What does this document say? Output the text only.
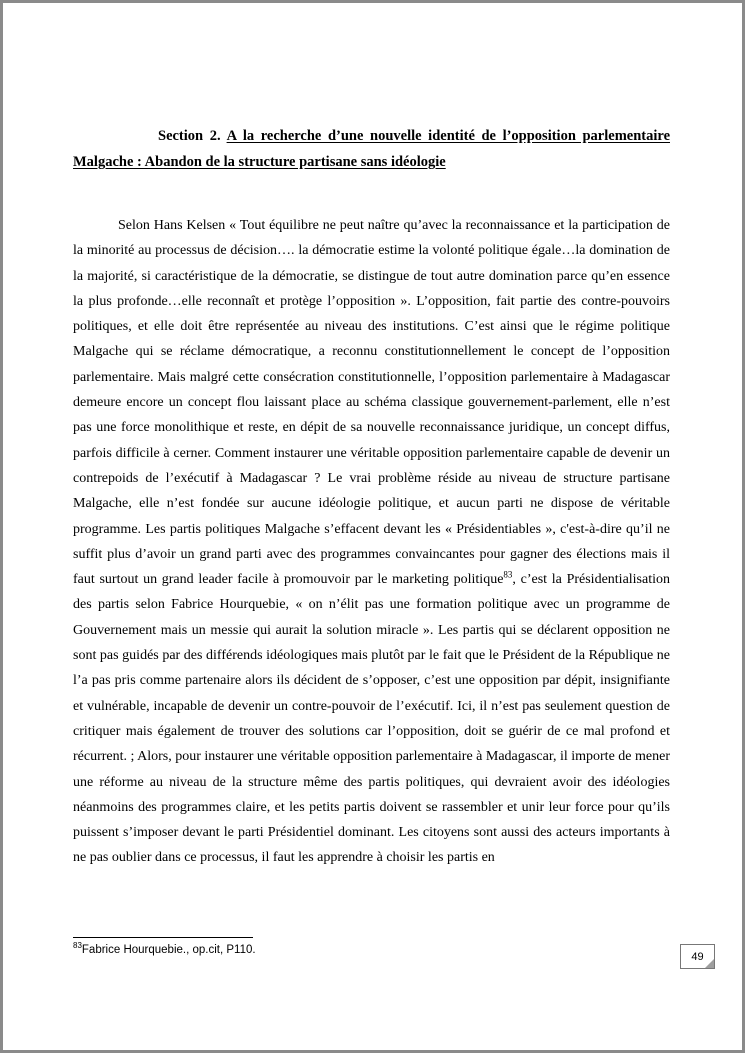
Section 2. A la recherche d’une nouvelle identité de l’opposition parlementaire Malgache : Abandon de la structure partisane sans idéologie

Selon Hans Kelsen « Tout équilibre ne peut naître qu’avec la reconnaissance et la participation de la minorité au processus de décision…. la démocratie estime la volonté politique égale…la domination de la majorité, si caractéristique de la démocratie, se distingue de tout autre domination parce qu’en essence la plus profonde…elle reconnaît et protège l’opposition ». L’opposition, fait partie des contre-pouvoirs politiques, et elle doit être représentée au niveau des institutions. C’est ainsi que le régime politique Malgache qui se réclame démocratique, a reconnu constitutionnellement le concept de l’opposition parlementaire. Mais malgré cette consécration constitutionnelle, l’opposition parlementaire à Madagascar demeure encore un concept flou laissant place au schéma classique gouvernement-parlement, elle n’est pas une force monolithique et reste, en dépit de sa nouvelle reconnaissance juridique, un concept diffus, parfois difficile à cerner. Comment instaurer une véritable opposition parlementaire capable de devenir un contrepoids de l’exécutif à Madagascar ? Le vrai problème réside au niveau de structure partisane Malgache, elle n’est fondée sur aucune idéologie politique, et aucun parti ne dispose de véritable programme. Les partis politiques Malgache s’effacent devant les « Présidentiables », c'est-à-dire qu’il ne suffit plus d’avoir un grand parti avec des programmes convaincantes pour gagner des élections mais il faut surtout un grand leader facile à promouvoir par le marketing politique$^{83}$, c’est la Présidentialisation des partis selon Fabrice Hourquebie, « on n’élit pas une formation politique avec un programme de Gouvernement mais un messie qui aurait la solution miracle ». Les partis qui se déclarent opposition ne sont pas guidés par des différends idéologiques mais plutôt par le fait que le Président de la République ne l’a pas pris comme partenaire alors ils décident de s’opposer, c’est une opposition par dépit, insignifiante et vulnérable, incapable de devenir un contre-pouvoir de l’exécutif. Ici, il n’est pas seulement question de critiquer mais également de trouver des solutions car l’opposition, doit se guérir de ce mal profond et récurrent. ; Alors, pour instaurer une véritable opposition parlementaire à Madagascar, il importe de mener une réforme au niveau de la structure même des partis politiques, qui devraient avoir des idéologies néanmoins des programmes claire, et les petits partis doivent se rassembler et unir leur force pour qu’ils puissent s’imposer devant le parti Présidentiel dominant. Les citoyens sont aussi des acteurs importants à ne pas oublier dans ce processus, il faut les apprendre à choisir les partis en

$^{83}$Fabrice Hourquebie., op.cit, P110.

49
